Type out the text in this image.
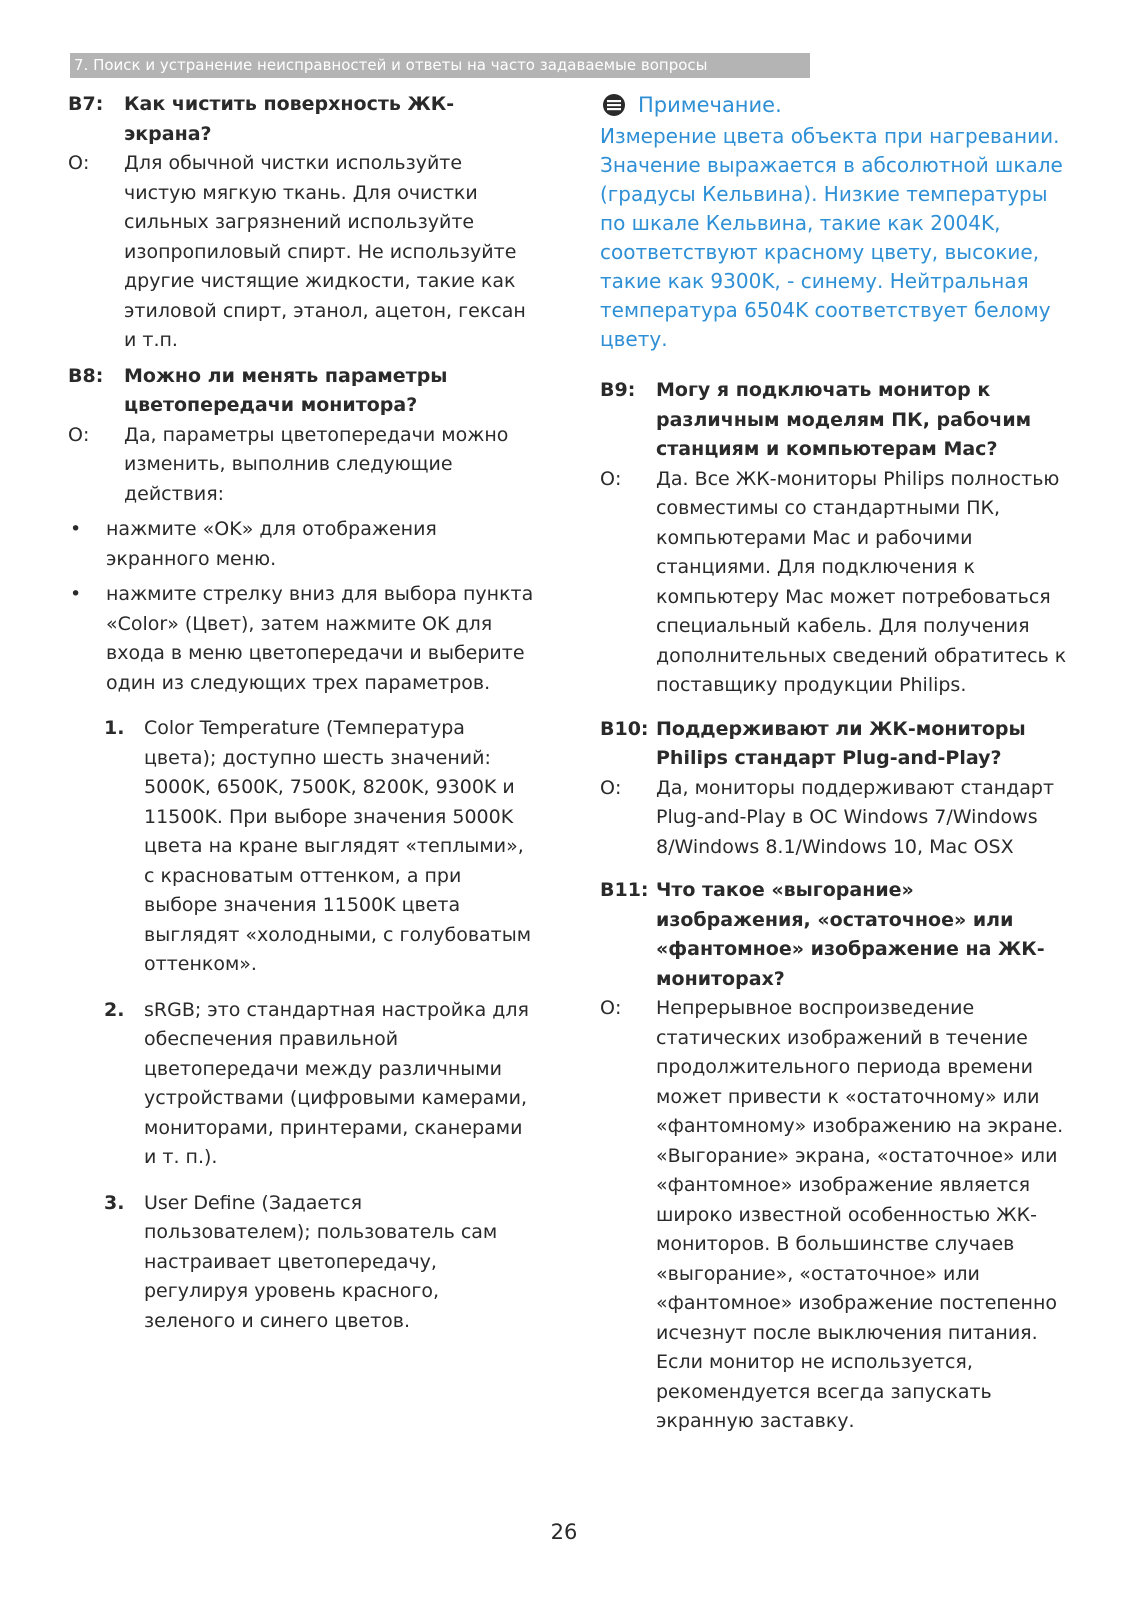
7. Поиск и устранение неисправностей и ответы на часто задаваемые вопросы
В7:	Как чистить поверхность ЖК-экрана?
О:	Для обычной чистки используйте чистую мягкую ткань. Для очистки сильных загрязнений используйте изопропиловый спирт. Не используйте другие чистящие жидкости, такие как этиловой спирт, этанол, ацетон, гексан и т.п.
В8:	Можно ли менять параметры цветопередачи монитора?
О:	Да, параметры цветопередачи можно изменить, выполнив следующие действия:
•	нажмите «OK» для отображения экранного меню.
•	нажмите стрелку вниз для выбора пункта «Color» (Цвет), затем нажмите OK для входа в меню цветопередачи и выберите один из следующих трех параметров.
1.	Color Temperature (Температура цвета); доступно шесть значений: 5000K, 6500K, 7500K, 8200K, 9300K и 11500K. При выборе значения 5000K цвета на кране выглядят «теплыми», с красноватым оттенком, а при выборе значения 11500K цвета выглядят «холодными, с голубоватым оттенком».
2.	sRGB; это стандартная настройка для обеспечения правильной цветопередачи между различными устройствами (цифровыми камерами, мониторами, принтерами, сканерами и т. п.).
3.	User Define (Задается пользователем); пользователь сам настраивает цветопередачу, регулируя уровень красного, зеленого и синего цветов.
Примечание.
Измерение цвета объекта при нагревании. Значение выражается в абсолютной шкале (градусы Кельвина). Низкие температуры по шкале Кельвина, такие как 2004K, соответствуют красному цвету, высокие, такие как 9300K, - синему. Нейтральная температура 6504K соответствует белому цвету.
В9:	Могу я подключать монитор к различным моделям ПК, рабочим станциям и компьютерам Mac?
О:	Да. Все ЖК-мониторы Philips полностью совместимы со стандартными ПК, компьютерами Mac и рабочими станциями. Для подключения к компьютеру Mac может потребоваться специальный кабель. Для получения дополнительных сведений обратитесь к поставщику продукции Philips.
В10: Поддерживают ли ЖК-мониторы Philips стандарт Plug-and-Play?
О:	Да, мониторы поддерживают стандарт Plug-and-Play в ОС Windows 7/Windows 8/Windows 8.1/Windows 10, Mac OSX
В11: Что такое «выгорание» изображения, «остаточное» или «фантомное» изображение на ЖК-мониторах?
О:	Непрерывное воспроизведение статических изображений в течение продолжительного периода времени может привести к «остаточному» или «фантомному» изображению на экране. «Выгорание» экрана, «остаточное» или «фантомное» изображение является широко известной особенностью ЖК-мониторов. В большинстве случаев «выгорание», «остаточное» или «фантомное» изображение постепенно исчезнут после выключения питания.
Если монитор не используется, рекомендуется всегда запускать экранную заставку.
26
